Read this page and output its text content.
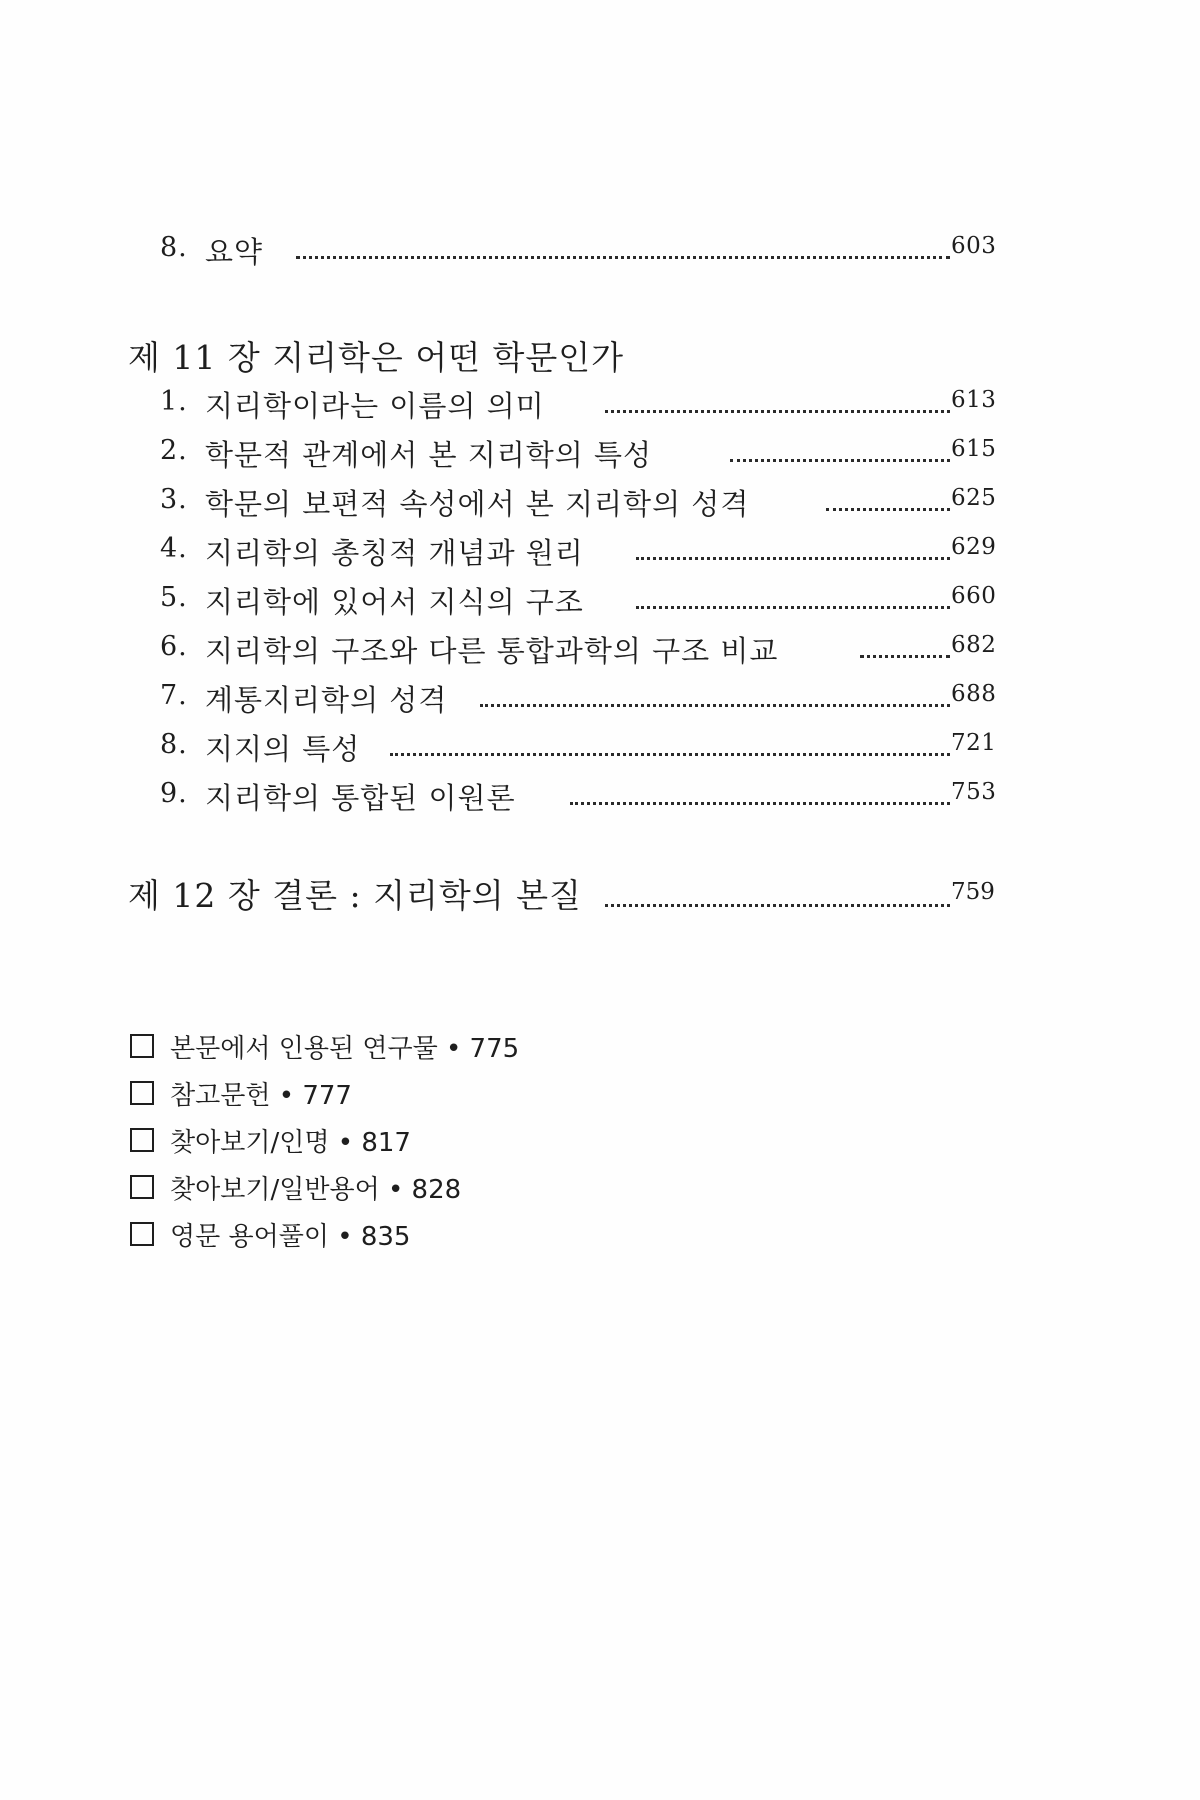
8. 요약	603
제 11 장 지리학은 어떤 학문인가
1. 지리학이라는 이름의 의미	613
2. 학문적 관계에서 본 지리학의 특성	615
3. 학문의 보편적 속성에서 본 지리학의 성격	625
4. 지리학의 총칭적 개념과 원리	629
5. 지리학에 있어서 지식의 구조	660
6. 지리학의 구조와 다른 통합과학의 구조 비교	682
7. 계통지리학의 성격	688
8. 지지의 특성	721
9. 지리학의 통합된 이원론	753
제 12 장 결론 : 지리학의 본질	759
본문에서 인용된 연구물 • 775
참고문헌 • 777
찾아보기/인명 • 817
찾아보기/일반용어 • 828
영문 용어풀이 • 835
